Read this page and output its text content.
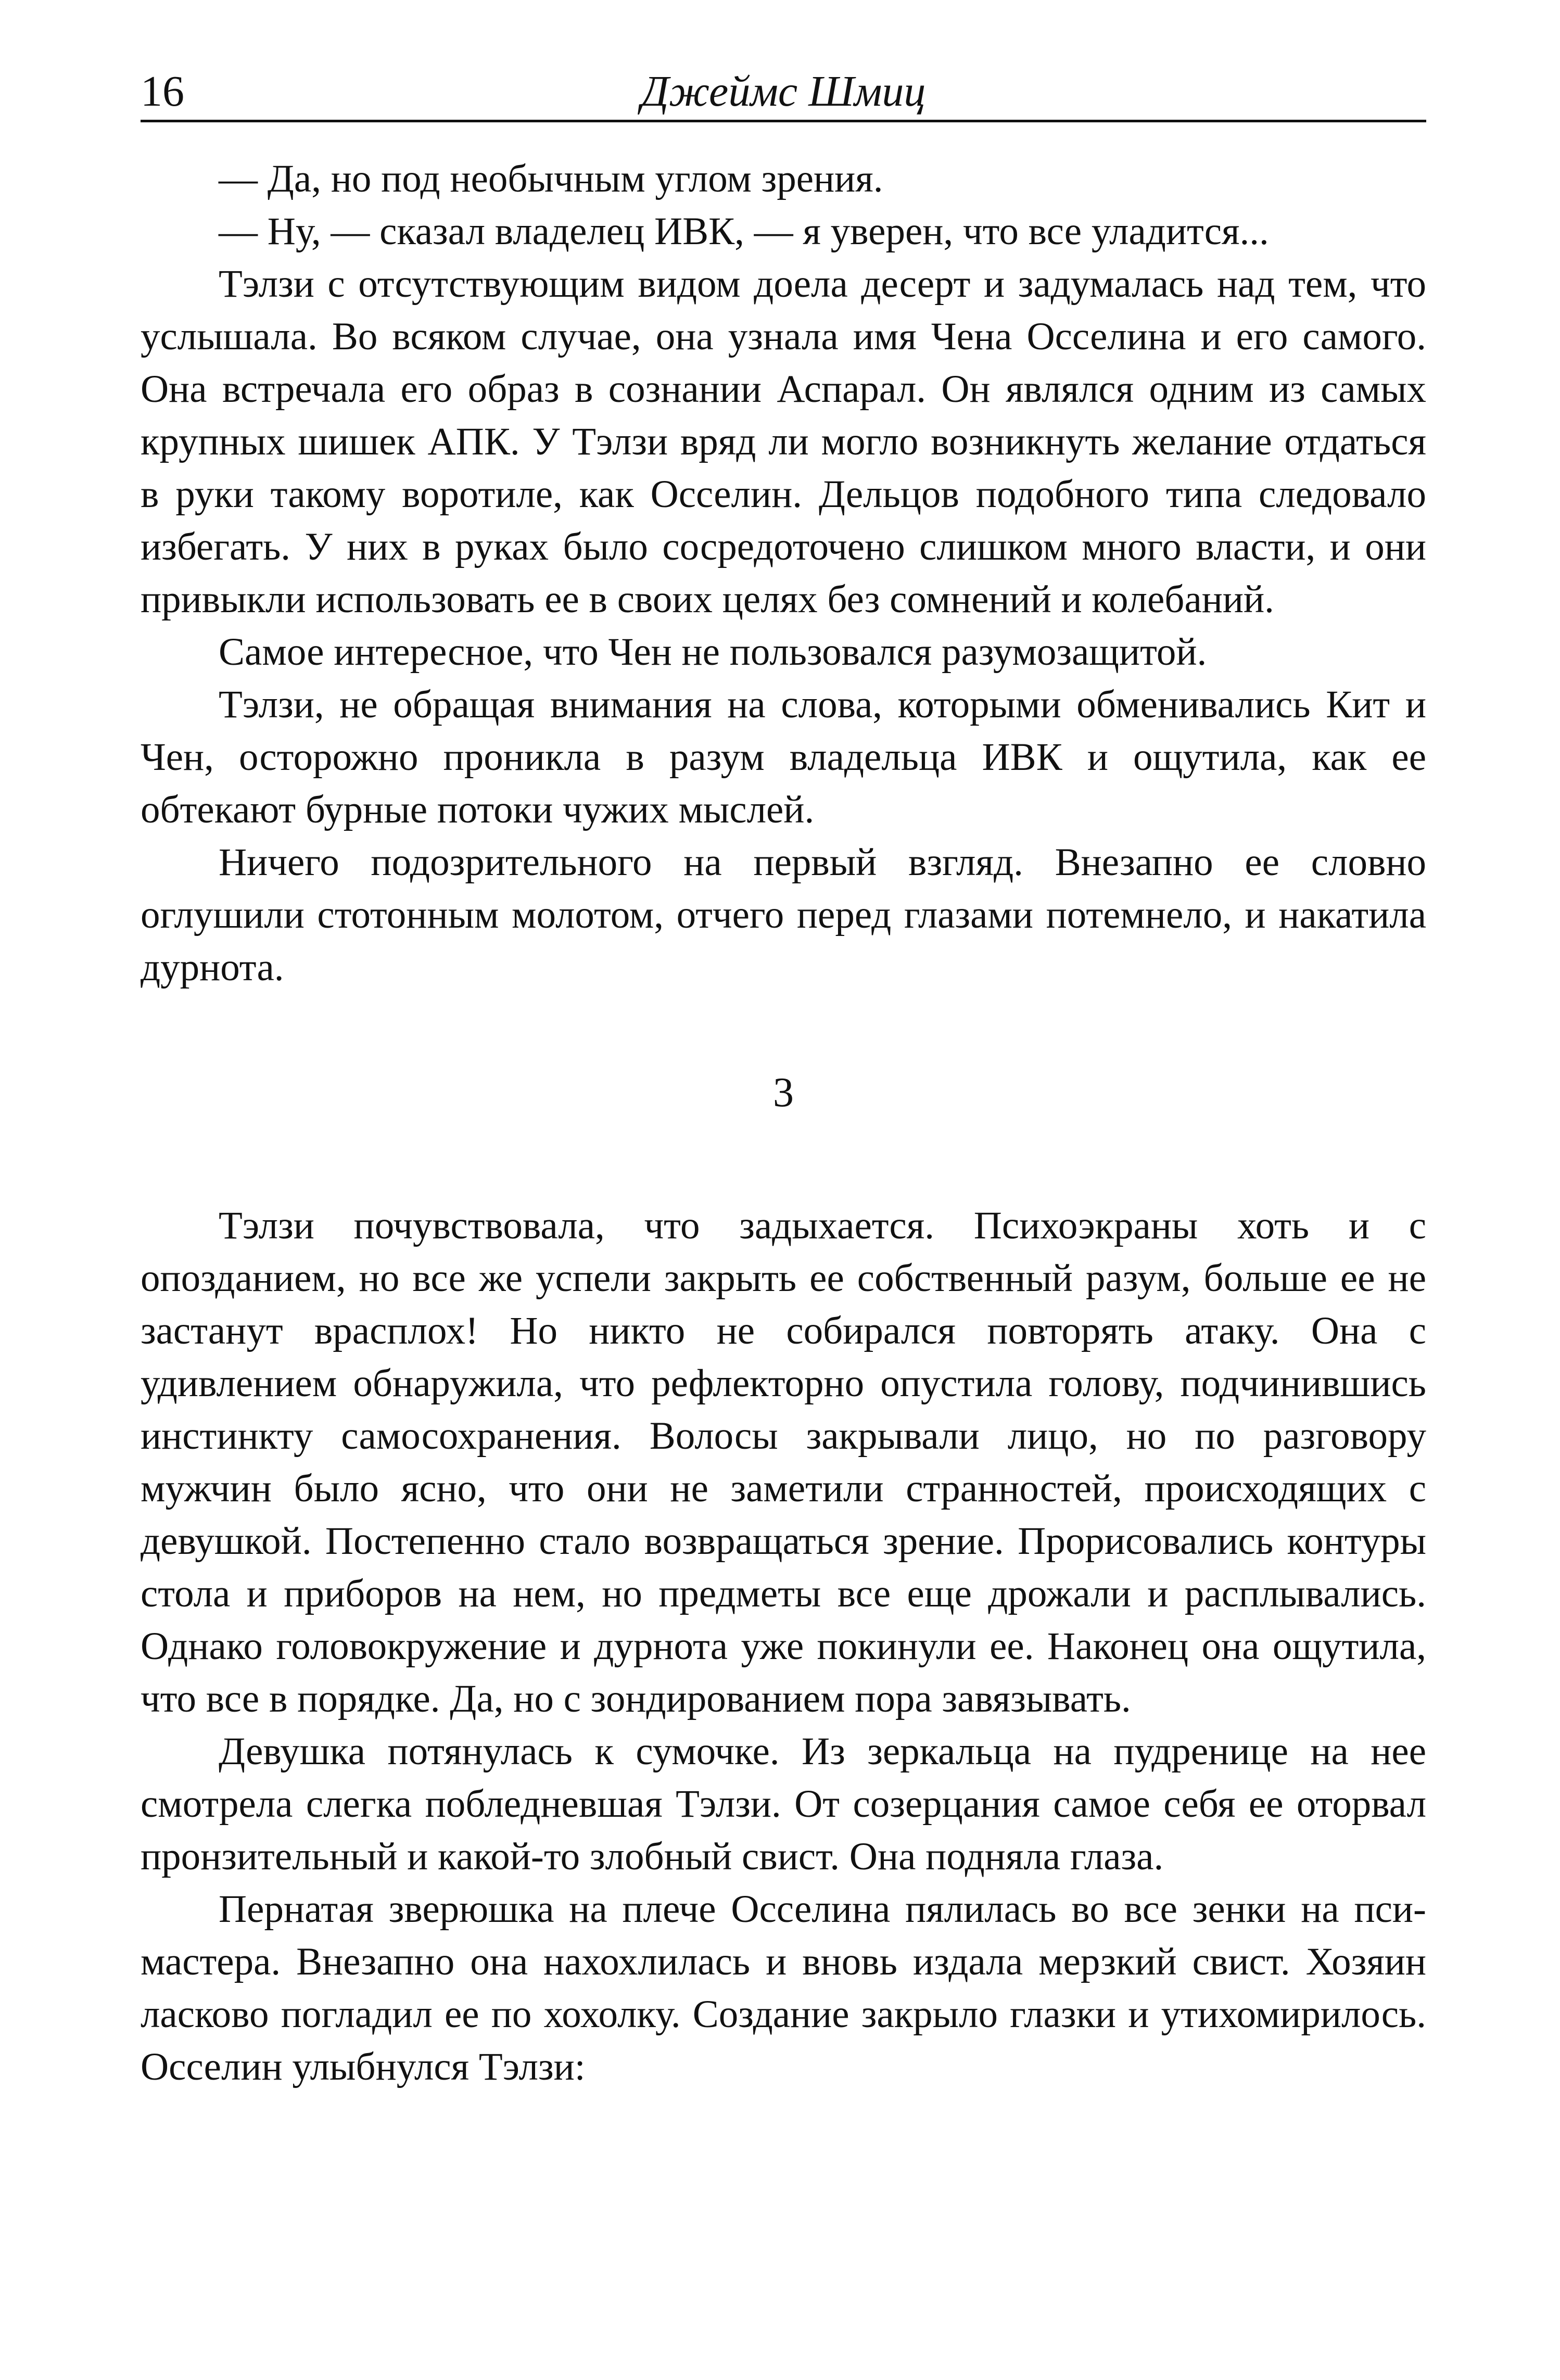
16	Джеймс Шмиц

— Да, но под необычным углом зрения.

— Ну, — сказал владелец ИВК, — я уверен, что все уладится...

Тэлзи с отсутствующим видом доела десерт и задумалась над тем, что услышала. Во всяком случае, она узнала имя Чена Осселина и его самого. Она встречала его образ в сознании Аспарал. Он являлся одним из самых крупных шишек АПК. У Тэлзи вряд ли могло возникнуть желание отдаться в руки такому воротиле, как Осселин. Дельцов подобного типа следовало избегать. У них в руках было сосредоточено слишком много власти, и они привыкли использовать ее в своих целях без сомнений и колебаний.

Самое интересное, что Чен не пользовался разумозащитой.

Тэлзи, не обращая внимания на слова, которыми обменивались Кит и Чен, осторожно проникла в разум владельца ИВК и ощутила, как ее обтекают бурные потоки чужих мыслей.

Ничего подозрительного на первый взгляд. Внезапно ее словно оглушили стотонным молотом, отчего перед глазами потемнело, и накатила дурнота.

3

Тэлзи почувствовала, что задыхается. Психоэкраны хоть и с опозданием, но все же успели закрыть ее собственный разум, больше ее не застанут врасплох! Но никто не собирался повторять атаку. Она с удивлением обнаружила, что рефлекторно опустила голову, подчинившись инстинкту самосохранения. Волосы закрывали лицо, но по разговору мужчин было ясно, что они не заметили странностей, происходящих с девушкой. Постепенно стало возвращаться зрение. Прорисовались контуры стола и приборов на нем, но предметы все еще дрожали и расплывались. Однако головокружение и дурнота уже покинули ее. Наконец она ощутила, что все в порядке. Да, но с зондированием пора завязывать.

Девушка потянулась к сумочке. Из зеркальца на пудренице на нее смотрела слегка побледневшая Тэлзи. От созерцания самое себя ее оторвал пронзительный и какой-то злобный свист. Она подняла глаза.

Пернатая зверюшка на плече Осселина пялилась во все зенки на пси-мастера. Внезапно она нахохлилась и вновь издала мерзкий свист. Хозяин ласково погладил ее по хохолку. Создание закрыло глазки и утихомирилось. Осселин улыбнулся Тэлзи:
